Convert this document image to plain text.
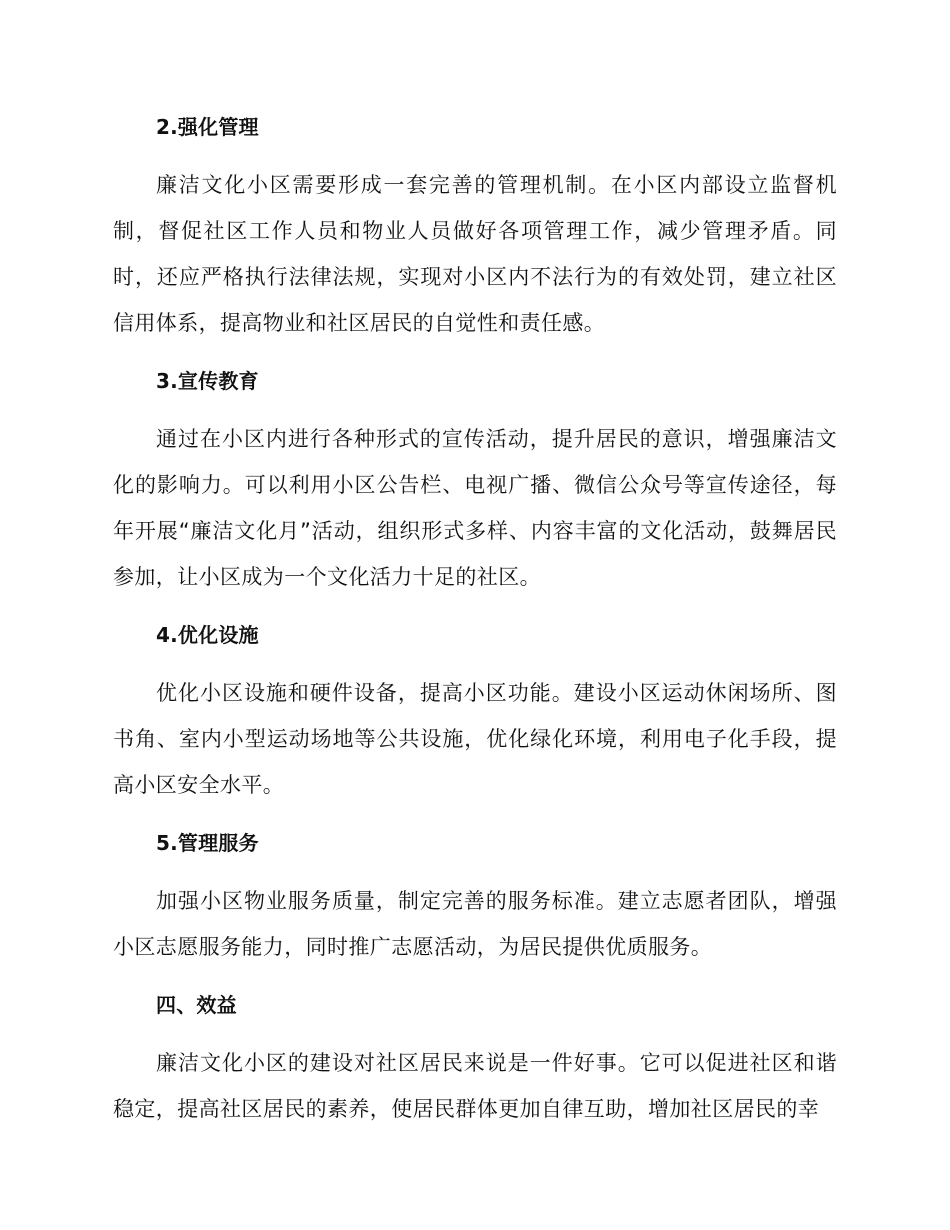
2.强化管理

廉洁文化小区需要形成一套完善的管理机制。在小区内部设立监督机制，督促社区工作人员和物业人员做好各项管理工作，减少管理矛盾。同时，还应严格执行法律法规，实现对小区内不法行为的有效处罚，建立社区信用体系，提高物业和社区居民的自觉性和责任感。

3.宣传教育

通过在小区内进行各种形式的宣传活动，提升居民的意识，增强廉洁文化的影响力。可以利用小区公告栏、电视广播、微信公众号等宣传途径，每年开展“廉洁文化月”活动，组织形式多样、内容丰富的文化活动，鼓舞居民参加，让小区成为一个文化活力十足的社区。

4.优化设施

优化小区设施和硬件设备，提高小区功能。建设小区运动休闲场所、图书角、室内小型运动场地等公共设施，优化绿化环境，利用电子化手段，提高小区安全水平。

5.管理服务

加强小区物业服务质量，制定完善的服务标准。建立志愿者团队，增强小区志愿服务能力，同时推广志愿活动，为居民提供优质服务。

四、效益

廉洁文化小区的建设对社区居民来说是一件好事。它可以促进社区和谐稳定，提高社区居民的素养，使居民群体更加自律互助，增加社区居民的幸
